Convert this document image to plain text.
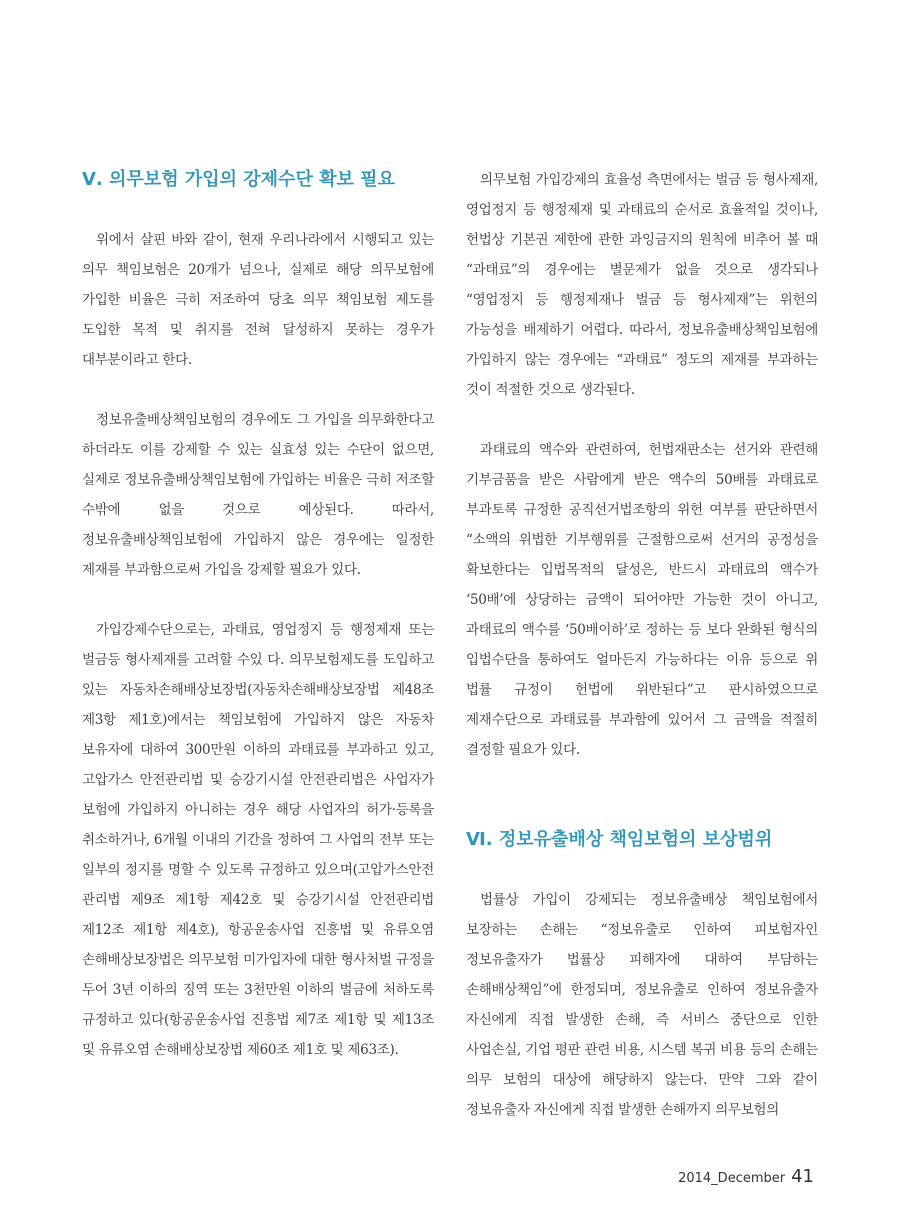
Ⅴ. 의무보험 가입의 강제수단 확보 필요

위에서 살핀 바와 같이, 현재 우리나라에서 시행되고 있는 의무 책임보험은 20개가 넘으나, 실제로 해당 의무보험에 가입한 비율은 극히 저조하여 당초 의무 책임보험 제도를 도입한 목적 및 취지를 전혀 달성하지 못하는 경우가 대부분이라고 한다.

정보유출배상책임보험의 경우에도 그 가입을 의무화한다고 하더라도 이를 강제할 수 있는 실효성 있는 수단이 없으면, 실제로 정보유출배상책임보험에 가입하는 비율은 극히 저조할 수밖에 없을 것으로 예상된다. 따라서, 정보유출배상책임보험에 가입하지 않은 경우에는 일정한 제재를 부과함으로써 가입을 강제할 필요가 있다.

가입강제수단으로는, 과태료, 영업정지 등 행정제재 또는 벌금등 형사제재를 고려할 수있 다. 의무보험제도를 도입하고 있는 자동차손해배상보장법(자동차손해배상보장법 제48조 제3항 제1호)에서는 책임보험에 가입하지 않은 자동차 보유자에 대하여 300만원 이하의 과태료를 부과하고 있고, 고압가스 안전관리법 및 승강기시설 안전관리법은 사업자가 보험에 가입하지 아니하는 경우 해당 사업자의 허가·등록을 취소하거나, 6개월 이내의 기간을 정하여 그 사업의 전부 또는 일부의 정지를 명할 수 있도록 규정하고 있으며(고압가스안전 관리법 제9조 제1항 제42호 및 승강기시설 안전관리법 제12조 제1항 제4호), 항공운송사업 진흥법 및 유류오염 손해배상보장법은 의무보험 미가입자에 대한 형사처벌 규정을 두어 3년 이하의 징역 또는 3천만원 이하의 벌금에 처하도록 규정하고 있다(항공운송사업 진흥법 제7조 제1항 및 제13조 및 유류오염 손해배상보장법 제60조 제1호 및 제63조).

의무보험 가입강제의 효율성 측면에서는 벌금 등 형사제재, 영업정지 등 행정제재 및 과태료의 순서로 효율적일 것이나, 헌법상 기본권 제한에 관한 과잉금지의 원칙에 비추어 볼 때 “과태료”의 경우에는 별문제가 없을 것으로 생각되나 “영업정지 등 행정제재나 벌금 등 형사제재”는 위헌의 가능성을 배제하기 어렵다. 따라서, 정보유출배상책임보험에 가입하지 않는 경우에는 “과태료” 정도의 제재를 부과하는 것이 적절한 것으로 생각된다.

과태료의 액수와 관련하여, 헌법재판소는 선거와 관련해 기부금품을 받은 사람에게 받은 액수의 50배를 과태료로 부과토록 규정한 공직선거법조항의 위헌 여부를 판단하면서 “소액의 위법한 기부행위를 근절함으로써 선거의 공정성을 확보한다는 입법목적의 달성은, 반드시 과태료의 액수가 ‘50배’에 상당하는 금액이 되어야만 가능한 것이 아니고, 과태료의 액수를 ‘50배이하’로 정하는 등 보다 완화된 형식의 입법수단을 통하여도 얼마든지 가능하다는 이유 등으로 위 법률 규정이 헌법에 위반된다”고 판시하였으므로 제재수단으로 과태료를 부과함에 있어서 그 금액을 적절히 결정할 필요가 있다.

Ⅵ. 정보유출배상 책임보험의 보상범위

법률상 가입이 강제되는 정보유출배상 책임보험에서 보장하는 손해는 “정보유출로 인하여 피보험자인 정보유출자가 법률상 피해자에 대하여 부담하는 손해배상책임”에 한정되며, 정보유출로 인하여 정보유출자 자신에게 직접 발생한 손해, 즉 서비스 중단으로 인한 사업손실, 기업 평판 관련 비용, 시스템 복귀 비용 등의 손해는 의무 보험의 대상에 해당하지 않는다. 만약 그와 같이 정보유출자 자신에게 직접 발생한 손해까지 의무보험의

2014_December 41
